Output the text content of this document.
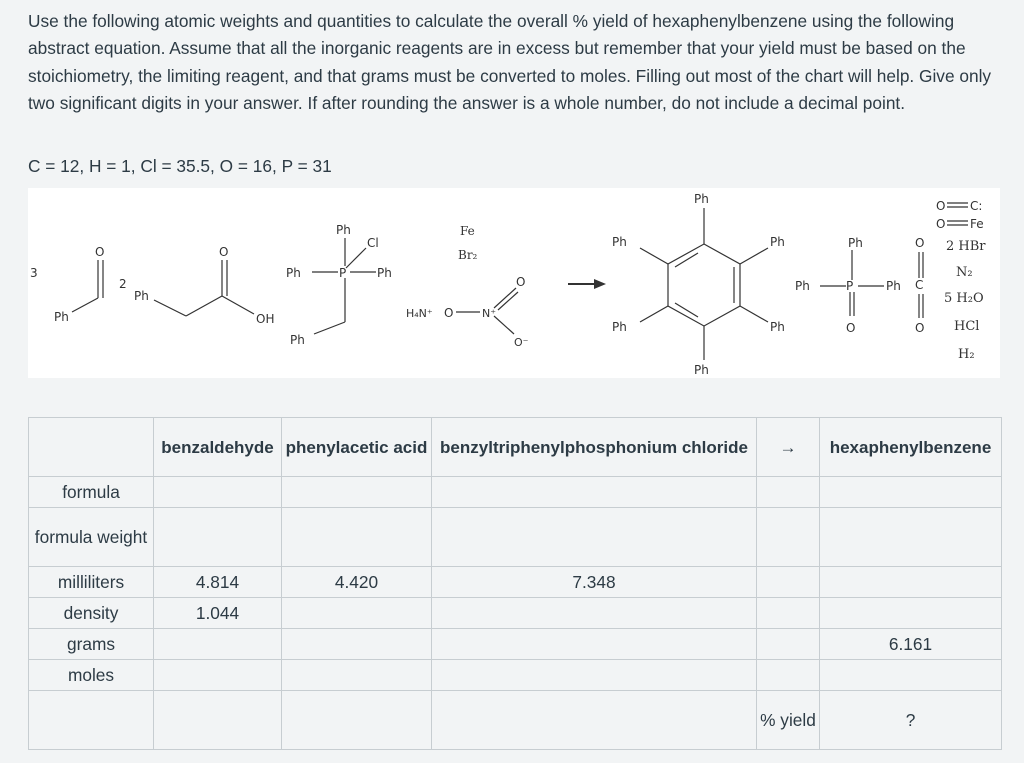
Use the following atomic weights and quantities to calculate the overall % yield of hexaphenylbenzene using the following abstract equation. Assume that all the inorganic reagents are in excess but remember that your yield must be based on the stoichiometry, the limiting reagent, and that grams must be converted to moles. Filling out most of the chart will help. Give only two significant digits in your answer. If after rounding the answer is a whole number, do not include a decimal point.

C = 12, H = 1, Cl = 35.5, O = 16, P = 31

3
Ph
O
2
Ph
O
OH
Ph
Cl
Ph	P	Ph
Ph
Fe
Br₂
H₄N⁺ O	N⁺
O
O⁻
Ph
Ph	Ph
Ph	Ph
Ph
Ph
Ph	P	Ph
O
O
C
O
O C:
O Fe
2 HBr
N₂
5 H₂O
HCl
H₂
	benzaldehyde	phenylacetic acid	benzyltriphenylphosphonium chloride	→	hexaphenylbenzene
formula					
formula weight					
milliliters	4.814	4.420	7.348		
density	1.044				
grams					6.161
moles					
				% yield	?
